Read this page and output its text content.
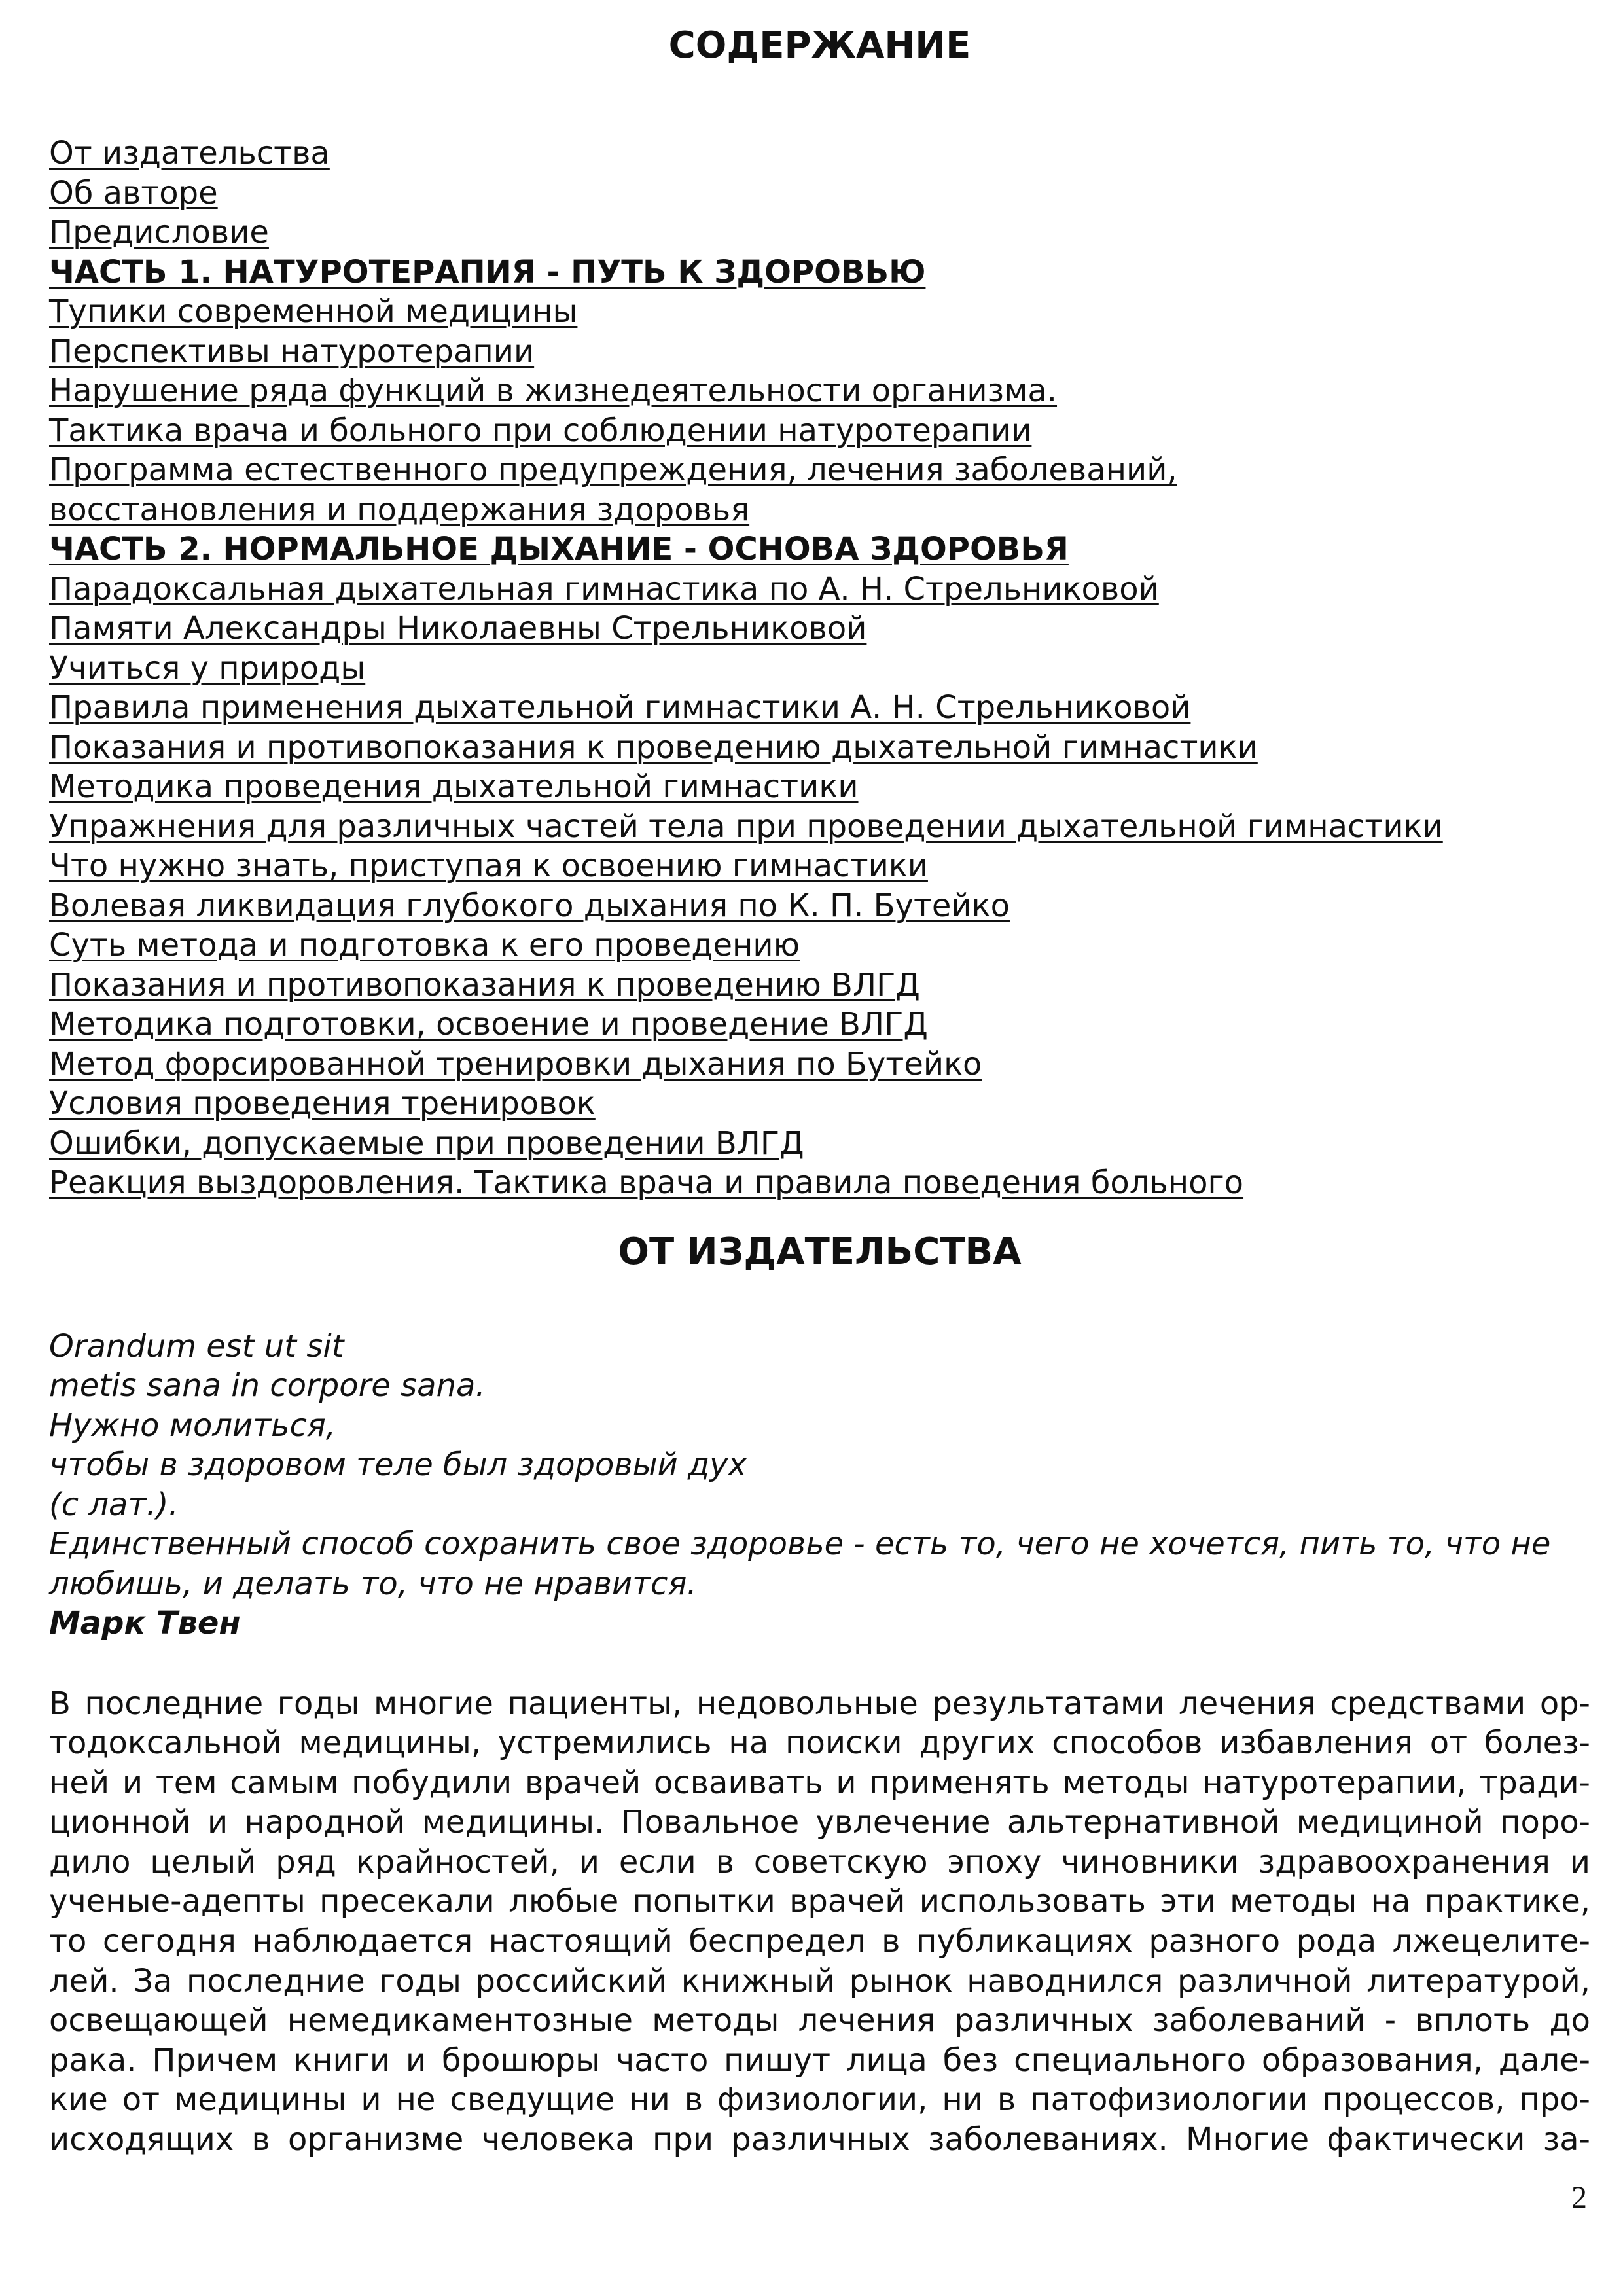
СОДЕРЖАНИЕ
От издательства
Об авторе
Предисловие
ЧАСТЬ 1. НАТУРОТЕРАПИЯ - ПУТЬ К ЗДОРОВЬЮ
Тупики современной медицины
Перспективы натуротерапии
Нарушение ряда функций в жизнедеятельности организма.
Тактика врача и больного при соблюдении натуротерапии
Программа естественного предупреждения, лечения заболеваний,
восстановления и поддержания здоровья
ЧАСТЬ 2. НОРМАЛЬНОЕ ДЫХАНИЕ - ОСНОВА ЗДОРОВЬЯ
Парадоксальная дыхательная гимнастика по А. Н. Стрельниковой
Памяти Александры Николаевны Стрельниковой
Учиться у природы
Правила применения дыхательной гимнастики А. Н. Стрельниковой
Показания и противопоказания к проведению дыхательной гимнастики
Методика проведения дыхательной гимнастики
Упражнения для различных частей тела при проведении дыхательной гимнастики
Что нужно знать, приступая к освоению гимнастики
Волевая ликвидация глубокого дыхания по К. П. Бутейко
Суть метода и подготовка к его проведению
Показания и противопоказания к проведению ВЛГД
Методика подготовки, освоение и проведение ВЛГД
Метод форсированной тренировки дыхания по Бутейко
Условия проведения тренировок
Ошибки, допускаемые при проведении ВЛГД
Реакция выздоровления. Тактика врача и правила поведения больного
ОТ ИЗДАТЕЛЬСТВА

Orandum est ut sit

metis sana in corpore sana.

Нужно молиться,

чтобы в здоровом теле был здоровый дух

(с лат.).

Единственный способ сохранить свое здоровье - есть то, чего не хочется, пить то, что не

любишь, и делать то, что не нравится.

Марк Твен

В последние годы многие пациенты, недовольные результатами лечения средствами ор-
тодоксальной медицины, устремились на поиски других способов избавления от болез-
ней и тем самым побудили врачей осваивать и применять методы натуротерапии, тради-
ционной и народной медицины. Повальное увлечение альтернативной медициной поро-
дило целый ряд крайностей, и если в советскую эпоху чиновники здравоохранения и
ученые-адепты пресекали любые попытки врачей использовать эти методы на практике,
то сегодня наблюдается настоящий беспредел в публикациях разного рода лжецелите-
лей. За последние годы российский книжный рынок наводнился различной литературой,
освещающей немедикаментозные методы лечения различных заболеваний - вплоть до
рака. Причем книги и брошюры часто пишут лица без специального образования, дале-
кие от медицины и не сведущие ни в физиологии, ни в патофизиологии процессов, про-
исходящих в организме человека при различных заболеваниях. Многие фактически за-
2
